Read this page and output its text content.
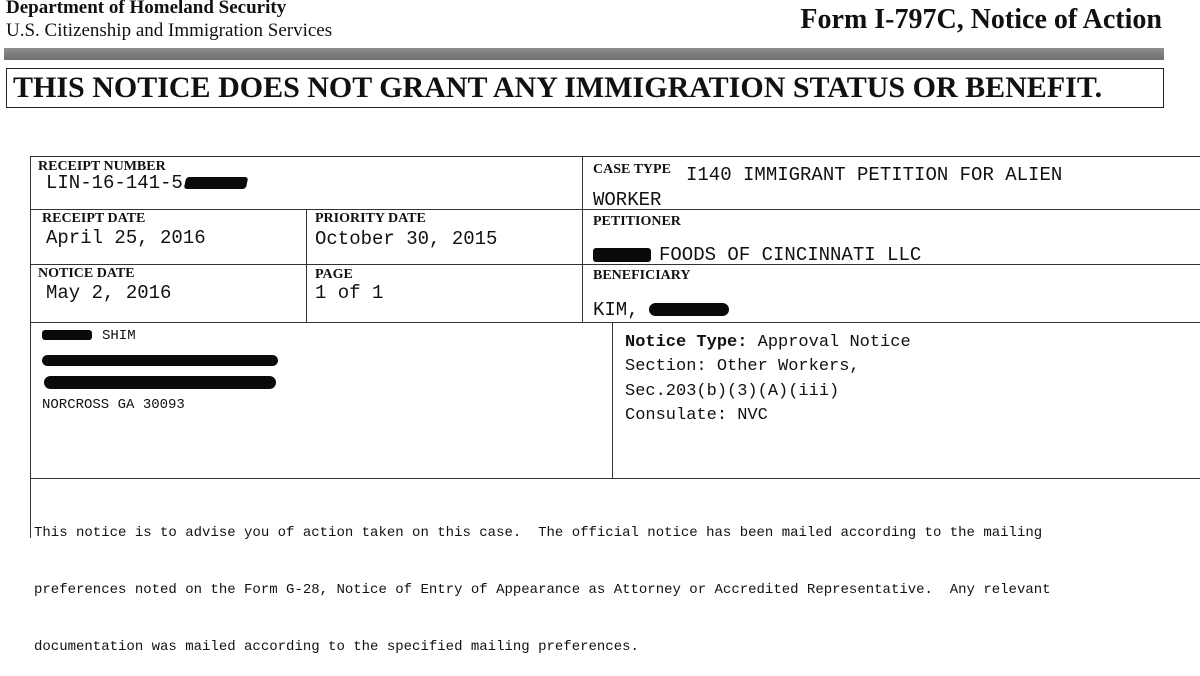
Department of Homeland Security
U.S. Citizenship and Immigration Services	Form I-797C, Notice of Action
THIS NOTICE DOES NOT GRANT ANY IMMIGRATION STATUS OR BENEFIT.
RECEIPT NUMBER
LIN-16-141-5
CASE TYPE I140 IMMIGRANT PETITION FOR ALIEN
WORKER
RECEIPT DATE
April 25, 2016
PRIORITY DATE
October 30, 2015
PETITIONER
FOODS OF CINCINNATI LLC
NOTICE DATE
May 2, 2016
PAGE
1 of 1
BENEFICIARY
KIM,
SHIM
NORCROSS GA 30093
Notice Type: Approval Notice
Section: Other Workers,
Sec.203(b)(3)(A)(iii)
Consulate: NVC

This notice is to advise you of action taken on this case.  The official notice has been mailed according to the mailing

preferences noted on the Form G-28, Notice of Entry of Appearance as Attorney or Accredited Representative.  Any relevant

documentation was mailed according to the specified mailing preferences.
